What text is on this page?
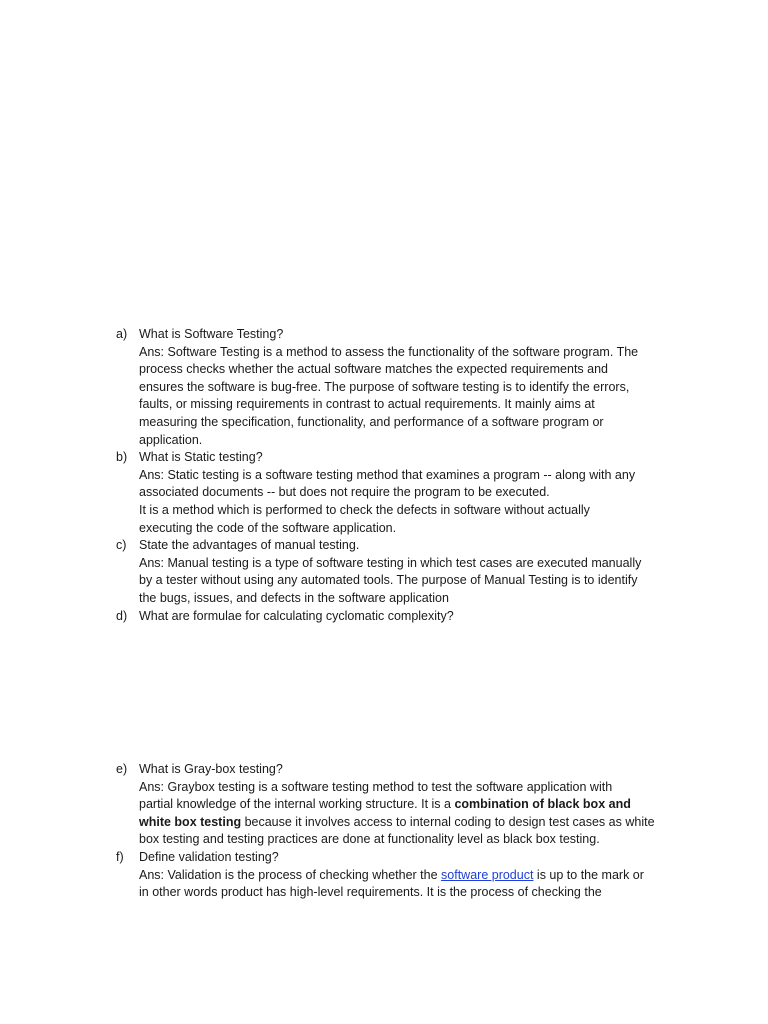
a) What is Software Testing?
Ans: Software Testing is a method to assess the functionality of the software program. The
process checks whether the actual software matches the expected requirements and
ensures the software is bug-free. The purpose of software testing is to identify the errors,
faults, or missing requirements in contrast to actual requirements. It mainly aims at
measuring the specification, functionality, and performance of a software program or
application.
b) What is Static testing?
Ans: Static testing is a software testing method that examines a program -- along with any
associated documents -- but does not require the program to be executed.
It is a method which is performed to check the defects in software without actually
executing the code of the software application.
c) State the advantages of manual testing.
Ans: Manual testing is a type of software testing in which test cases are executed manually
by a tester without using any automated tools. The purpose of Manual Testing is to identify
the bugs, issues, and defects in the software application
d) What are formulae for calculating cyclomatic complexity?
e) What is Gray-box testing?
Ans: Graybox testing is a software testing method to test the software application with
partial knowledge of the internal working structure. It is a combination of black box and
white box testing because it involves access to internal coding to design test cases as white
box testing and testing practices are done at functionality level as black box testing.
f) Define validation testing?
Ans: Validation is the process of checking whether the software product is up to the mark or
in other words product has high-level requirements. It is the process of checking the
